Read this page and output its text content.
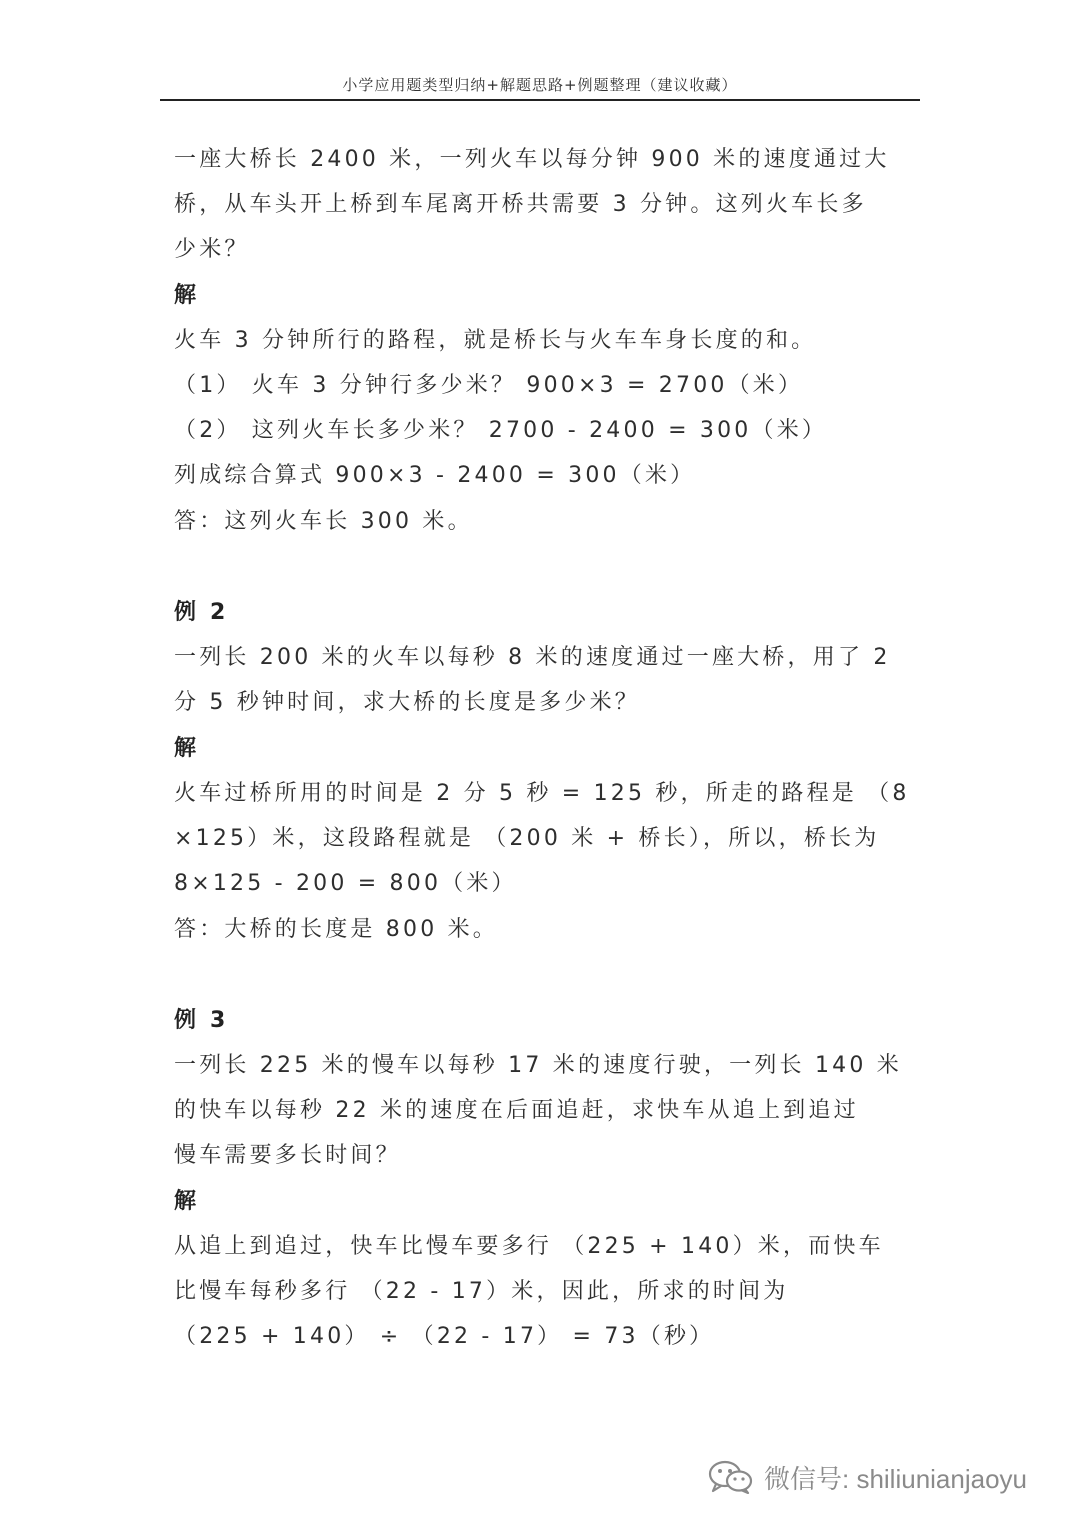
小学应用题类型归纳+解题思路+例题整理（建议收藏）
一座大桥长 2400 米，一列火车以每分钟 900 米的速度通过大
桥，从车头开上桥到车尾离开桥共需要 3 分钟。这列火车长多
少米？
解
火车 3 分钟所行的路程，就是桥长与火车车身长度的和。
（1） 火车 3 分钟行多少米？ 900×3 = 2700（米）
（2） 这列火车长多少米？ 2700 - 2400 = 300（米）
列成综合算式 900×3 - 2400 = 300（米）
答：这列火车长 300 米。
例 2
一列长 200 米的火车以每秒 8 米的速度通过一座大桥，用了 2
分 5 秒钟时间，求大桥的长度是多少米？
解
火车过桥所用的时间是 2 分 5 秒 = 125 秒，所走的路程是 （8
×125）米，这段路程就是 （200 米 + 桥长），所以，桥长为
8×125 - 200 = 800（米）
答：大桥的长度是 800 米。
例 3
一列长 225 米的慢车以每秒 17 米的速度行驶，一列长 140 米
的快车以每秒 22 米的速度在后面追赶，求快车从追上到追过
慢车需要多长时间？
解
从追上到追过，快车比慢车要多行 （225 + 140）米，而快车
比慢车每秒多行 （22 - 17）米，因此，所求的时间为
（225 + 140） ÷ （22 - 17） = 73（秒）
微信号: shiliunianjaoyu
